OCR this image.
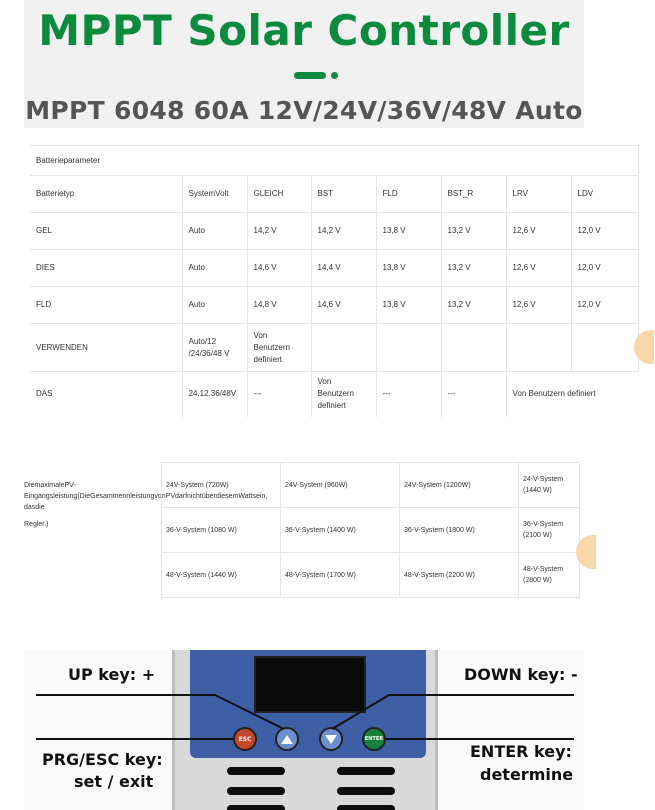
MPPT Solar Controller
MPPT 6048 60A 12V/24V/36V/48V Auto
Batterieparameter							
Batterietyp	SystemVolt	GLEICH	BST	FLD	BST_R	LRV	LDV
GEL	Auto	14,2 V	14,2 V	13,8 V	13,2 V	12,6 V	12,0 V
DIES	Auto	14,6 V	14,4 V	13,8 V	13,2 V	12,6 V	12,0 V
FLD	Auto	14,8 V	14,6 V	13,8 V	13,2 V	12,6 V	12,0 V
VERWENDEN	Auto/12 /24/36/48 V	Von Benutzern definiert					
DAS	24.12.36/48V	---	Von Benutzern definiert	---	---	Von Benutzern definiert	

DiemaximalePV-Eingangsleistung(DieGesamtnennleistungvonPVdarfnichtüberdiesemWattsein, dasdie

Regler.)

24V-System (720W)	24V-System (960W)	24V-System (1200W)	24-V-System (1440 W)
36-V-System (1080 W)	36-V-System (1400 W)	36-V-System (1800 W)	36-V-System (2100 W)
48-V-System (1440 W)	48-V-System (1700 W)	48-V-System (2200 W)	48-V-System (2800 W)
ESC	ENTER
UP key: +	DOWN key: -
PRG/ESC key:
set / exit
ENTER key:
determine
